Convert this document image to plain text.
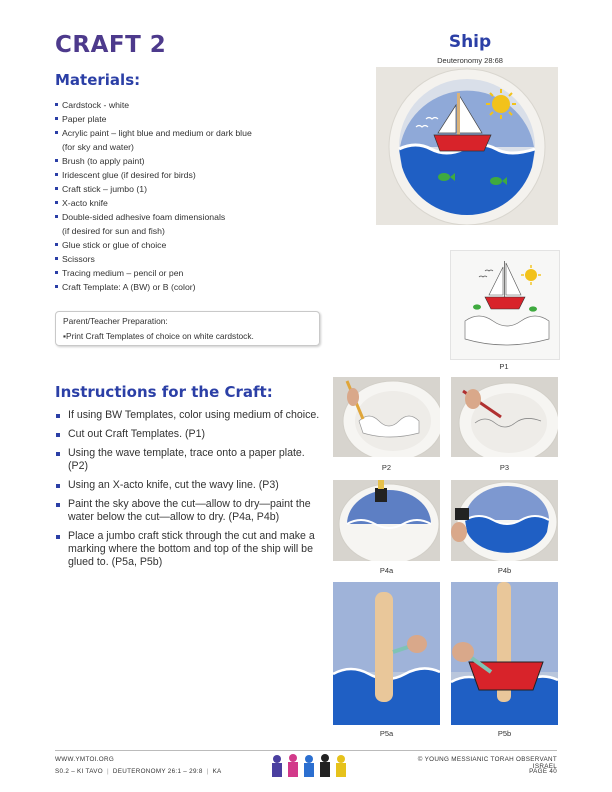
CRAFT 2	Ship
Deuteronomy 28:68
Materials:
Cardstock - white
Paper plate
Acrylic paint – light blue and medium or dark blue
(for sky and water)
Brush (to apply paint)
Iridescent glue (if desired for birds)
Craft stick – jumbo (1)
X-acto knife
Double-sided adhesive foam dimensionals
(if desired for sun and fish)
Glue stick or glue of choice
Scissors
Tracing medium – pencil or pen
Craft Template: A (BW) or B (color)
Parent/Teacher Preparation:
▪Print Craft Templates of choice on white cardstock.
P1
Instructions for the Craft:
If using BW Templates, color using medium of choice.
Cut out Craft Templates. (P1)
Using the wave template, trace onto a paper plate. (P2)
Using an X-acto knife, cut the wavy line. (P3)
Paint the sky above the cut—allow to dry—paint the water below the cut—allow to dry. (P4a, P4b)
Place a jumbo craft stick through the cut and make a marking where the bottom and top of the ship will be glued to. (P5a, P5b)
P2	P3
P4a	P4b
P5a	P5b
WWW.YMTOI.ORG	© YOUNG MESSIANIC TORAH OBSERVANT ISRAEL
S0.2 – KI TAVO | DEUTERONOMY 26:1 – 29:8 | KA	PAGE 40
